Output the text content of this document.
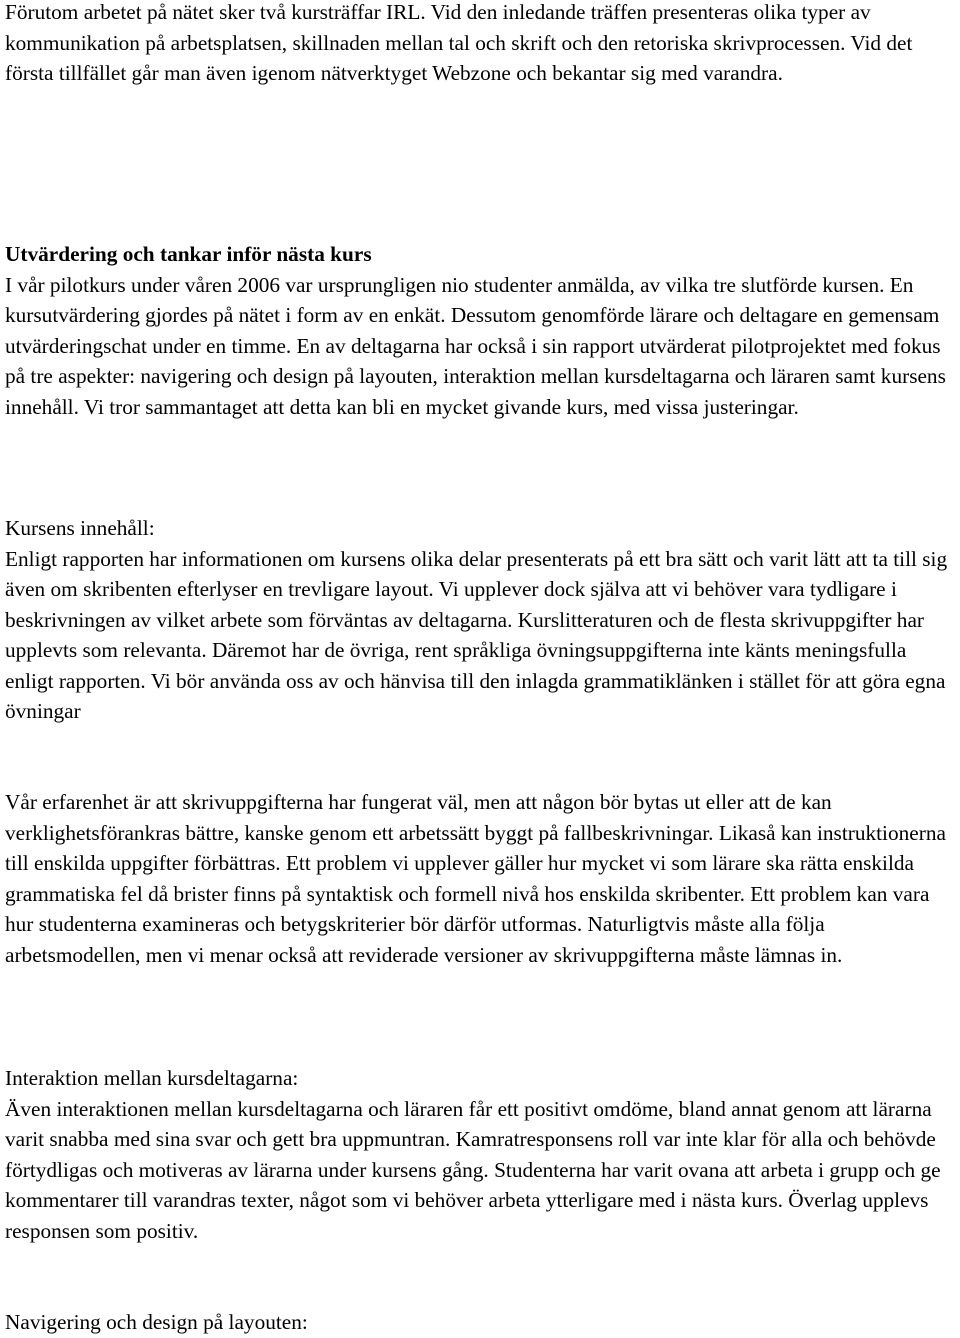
Förutom arbetet på nätet sker två kursträffar IRL. Vid den inledande träffen presenteras olika typer av kommunikation på arbetsplatsen, skillnaden mellan tal och skrift och den retoriska skrivprocessen. Vid det första tillfället går man även igenom nätverktyget Webzone och bekantar sig med varandra.

Utvärdering och tankar inför nästa kurs

I vår pilotkurs under våren 2006 var ursprungligen nio studenter anmälda, av vilka tre slutförde kursen. En kursutvärdering gjordes på nätet i form av en enkät. Dessutom genomförde lärare och deltagare en gemensam utvärderingschat under en timme. En av deltagarna har också i sin rapport utvärderat pilotprojektet med fokus på tre aspekter: navigering och design på layouten, interaktion mellan kursdeltagarna och läraren samt kursens innehåll. Vi tror sammantaget att detta kan bli en mycket givande kurs, med vissa justeringar.

Kursens innehåll:

Enligt rapporten har informationen om kursens olika delar presenterats på ett bra sätt och varit lätt att ta till sig även om skribenten efterlyser en trevligare layout. Vi upplever dock själva att vi behöver vara tydligare i beskrivningen av vilket arbete som förväntas av deltagarna. Kurslitteraturen och de flesta skrivuppgifter har upplevts som relevanta. Däremot har de övriga, rent språkliga övningsuppgifterna inte känts meningsfulla enligt rapporten. Vi bör använda oss av och hänvisa till den inlagda grammatiklänken i stället för att göra egna övningar

Vår erfarenhet är att skrivuppgifterna har fungerat väl, men att någon bör bytas ut eller att de kan verklighetsförankras bättre, kanske genom ett arbetssätt byggt på fallbeskrivningar. Likaså kan instruktionerna till enskilda uppgifter förbättras. Ett problem vi upplever gäller hur mycket vi som lärare ska rätta enskilda grammatiska fel då brister finns på syntaktisk och formell nivå hos enskilda skribenter. Ett problem kan vara hur studenterna examineras och betygskriterier bör därför utformas. Naturligtvis måste alla följa arbetsmodellen, men vi menar också att reviderade versioner av skrivuppgifterna måste lämnas in.

Interaktion mellan kursdeltagarna:

Även interaktionen mellan kursdeltagarna och läraren får ett positivt omdöme, bland annat genom att lärarna varit snabba med sina svar och gett bra uppmuntran. Kamratresponsens roll var inte klar för alla och behövde förtydligas och motiveras av lärarna under kursens gång. Studenterna har varit ovana att arbeta i grupp och ge kommentarer till varandras texter, något som vi behöver arbeta ytterligare med i nästa kurs. Överlag upplevs responsen som positiv.

Navigering och design på layouten:
